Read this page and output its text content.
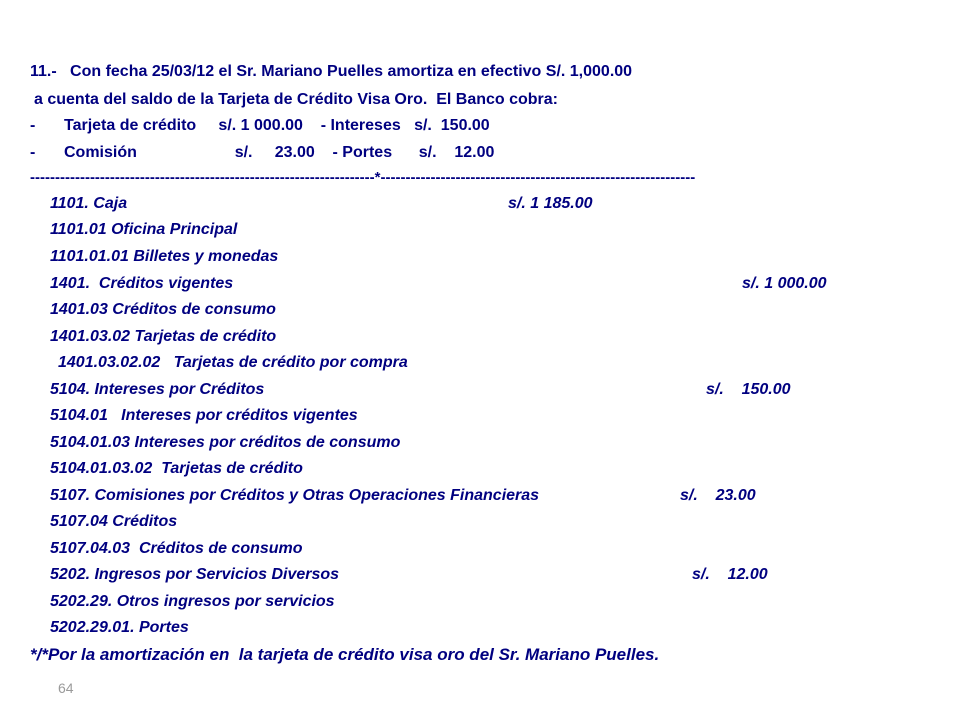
11.-   Con fecha 25/03/12 el Sr. Mariano Puelles amortiza en efectivo S/. 1,000.00
a cuenta del saldo de la Tarjeta de Crédito Visa Oro.  El Banco cobra:
- Tarjeta de crédito     s/. 1 000.00    - Intereses   s/.  150.00
- Comisión                      s/.     23.00    - Portes      s/.    12.00
---------------------------------------------------------------------*---------------------------------------------------------------
1101. Caja	s/. 1 185.00
1101.01 Oficina Principal
1101.01.01 Billetes y monedas
1401.  Créditos vigentes	s/. 1 000.00
1401.03 Créditos de consumo
1401.03.02 Tarjetas de crédito
1401.03.02.02   Tarjetas de crédito por compra
5104. Intereses por Créditos	s/.    150.00
5104.01   Intereses por créditos vigentes
5104.01.03 Intereses por créditos de consumo
5104.01.03.02  Tarjetas de crédito
5107. Comisiones por Créditos y Otras Operaciones Financieras	s/.    23.00
5107.04 Créditos
5107.04.03  Créditos de consumo
5202. Ingresos por Servicios Diversos	s/.    12.00
5202.29. Otros ingresos por servicios
5202.29.01. Portes
*/*Por la amortización en  la tarjeta de crédito visa oro del Sr. Mariano Puelles.
64
